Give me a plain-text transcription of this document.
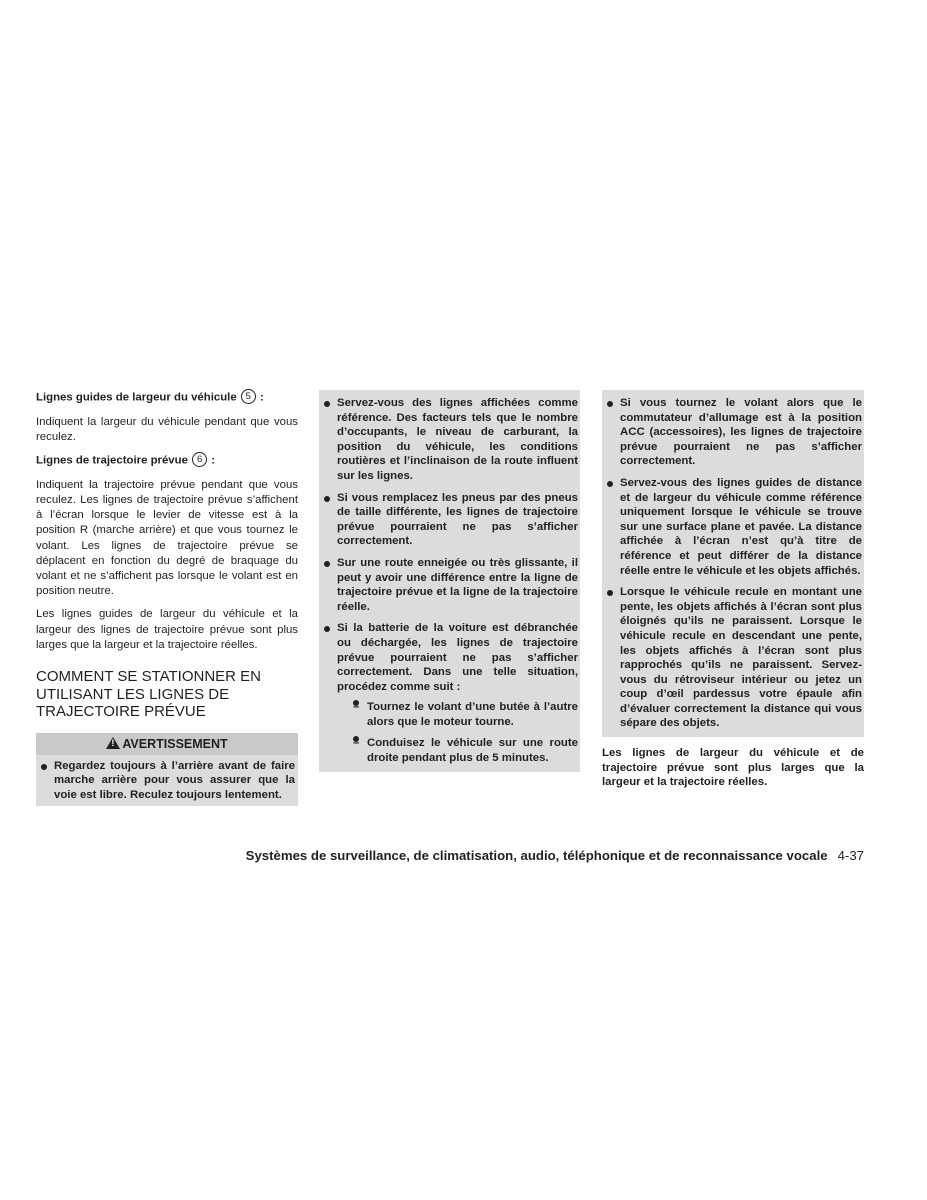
Lignes guides de largeur du véhicule 5 :

Indiquent la largeur du véhicule pendant que vous reculez.

Lignes de trajectoire prévue 6 :

Indiquent la trajectoire prévue pendant que vous reculez. Les lignes de trajectoire prévue s’affichent à l’écran lorsque le levier de vitesse est à la position R (marche arrière) et que vous tournez le volant. Les lignes de trajectoire prévue se déplacent en fonction du degré de braquage du volant et ne s’affichent pas lorsque le volant est en position neutre.

Les lignes guides de largeur du véhicule et la largeur des lignes de trajectoire prévue sont plus larges que la largeur et la trajectoire réelles.

COMMENT SE STATIONNER EN UTILISANT LES LIGNES DE TRAJECTOIRE PRÉVUE
! AVERTISSEMENT
Regardez toujours à l’arrière avant de faire marche arrière pour vous assurer que la voie est libre. Reculez toujours lentement.
Servez-vous des lignes affichées comme référence. Des facteurs tels que le nombre d’occupants, le niveau de carburant, la position du véhicule, les conditions routières et l’inclinaison de la route influent sur les lignes.
Si vous remplacez les pneus par des pneus de taille différente, les lignes de trajectoire prévue pourraient ne pas s’afficher correctement.
Sur une route enneigée ou très glissante, il peut y avoir une différence entre la ligne de trajectoire prévue et la ligne de la trajectoire réelle.
Si la batterie de la voiture est débranchée ou déchargée, les lignes de trajectoire prévue pourraient ne pas s’afficher correctement. Dans une telle situation, procédez comme suit :
– Tournez le volant d’une butée à l’autre alors que le moteur tourne.
– Conduisez le véhicule sur une route droite pendant plus de 5 minutes.
Si vous tournez le volant alors que le commutateur d’allumage est à la position ACC (accessoires), les lignes de trajectoire prévue pourraient ne pas s’afficher correctement.
Servez-vous des lignes guides de distance et de largeur du véhicule comme référence uniquement lorsque le véhicule se trouve sur une surface plane et pavée. La distance affichée à l’écran n’est qu’à titre de référence et peut différer de la distance réelle entre le véhicule et les objets affichés.
Lorsque le véhicule recule en montant une pente, les objets affichés à l’écran sont plus éloignés qu’ils ne paraissent. Lorsque le véhicule recule en descendant une pente, les objets affichés à l’écran sont plus rapprochés qu’ils ne paraissent. Servez-vous du rétroviseur intérieur ou jetez un coup d’œil pardessus votre épaule afin d’évaluer correctement la distance qui vous sépare des objets.
Les lignes de largeur du véhicule et de trajectoire prévue sont plus larges que la largeur et la trajectoire réelles.
Systèmes de surveillance, de climatisation, audio, téléphonique et de reconnaissance vocale 4-37
